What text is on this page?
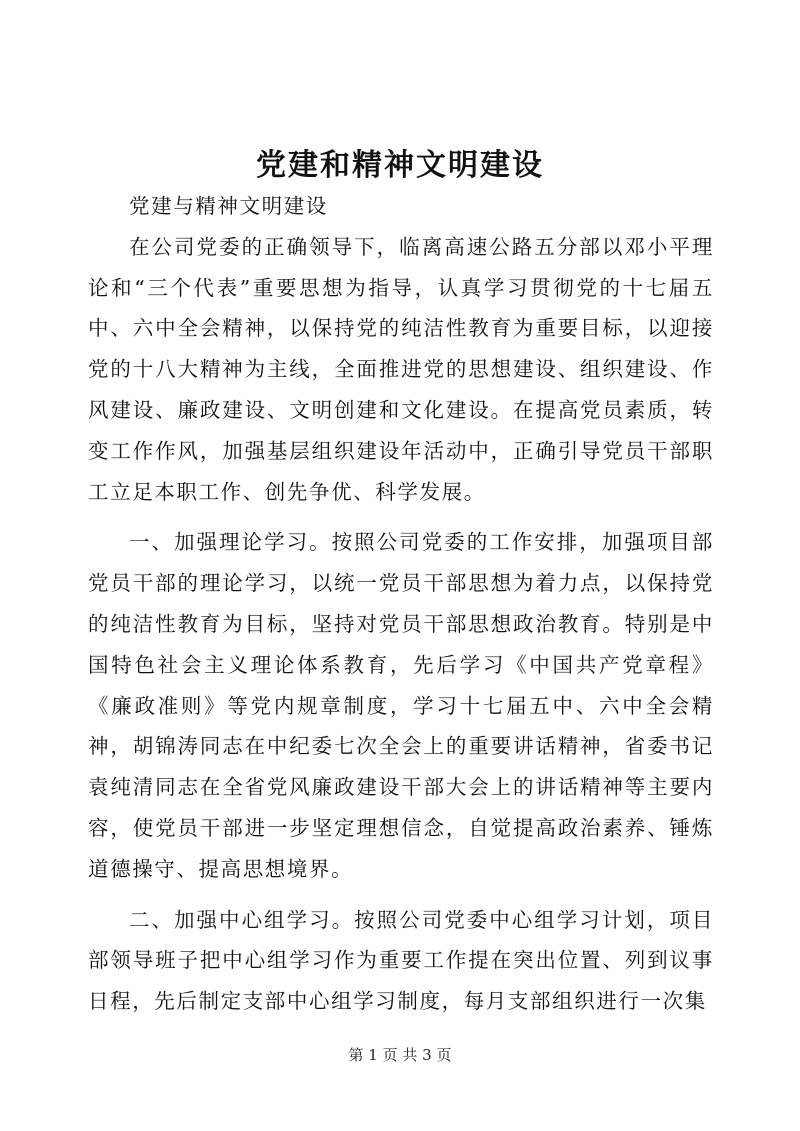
党建和精神文明建设

党建与精神文明建设

在公司党委的正确领导下，临离高速公路五分部以邓小平理论和“三个代表”重要思想为指导，认真学习贯彻党的十七届五中、六中全会精神，以保持党的纯洁性教育为重要目标，以迎接党的十八大精神为主线，全面推进党的思想建设、组织建设、作风建设、廉政建设、文明创建和文化建设。在提高党员素质，转变工作作风，加强基层组织建设年活动中，正确引导党员干部职工立足本职工作、创先争优、科学发展。

一、加强理论学习。按照公司党委的工作安排，加强项目部党员干部的理论学习，以统一党员干部思想为着力点，以保持党的纯洁性教育为目标，坚持对党员干部思想政治教育。特别是中国特色社会主义理论体系教育，先后学习《中国共产党章程》《廉政准则》等党内规章制度，学习十七届五中、六中全会精神，胡锦涛同志在中纪委七次全会上的重要讲话精神，省委书记袁纯清同志在全省党风廉政建设干部大会上的讲话精神等主要内容，使党员干部进一步坚定理想信念，自觉提高政治素养、锤炼道德操守、提高思想境界。

二、加强中心组学习。按照公司党委中心组学习计划，项目部领导班子把中心组学习作为重要工作提在突出位置、列到议事日程，先后制定支部中心组学习制度，每月支部组织进行一次集

第 1 页 共 3 页
